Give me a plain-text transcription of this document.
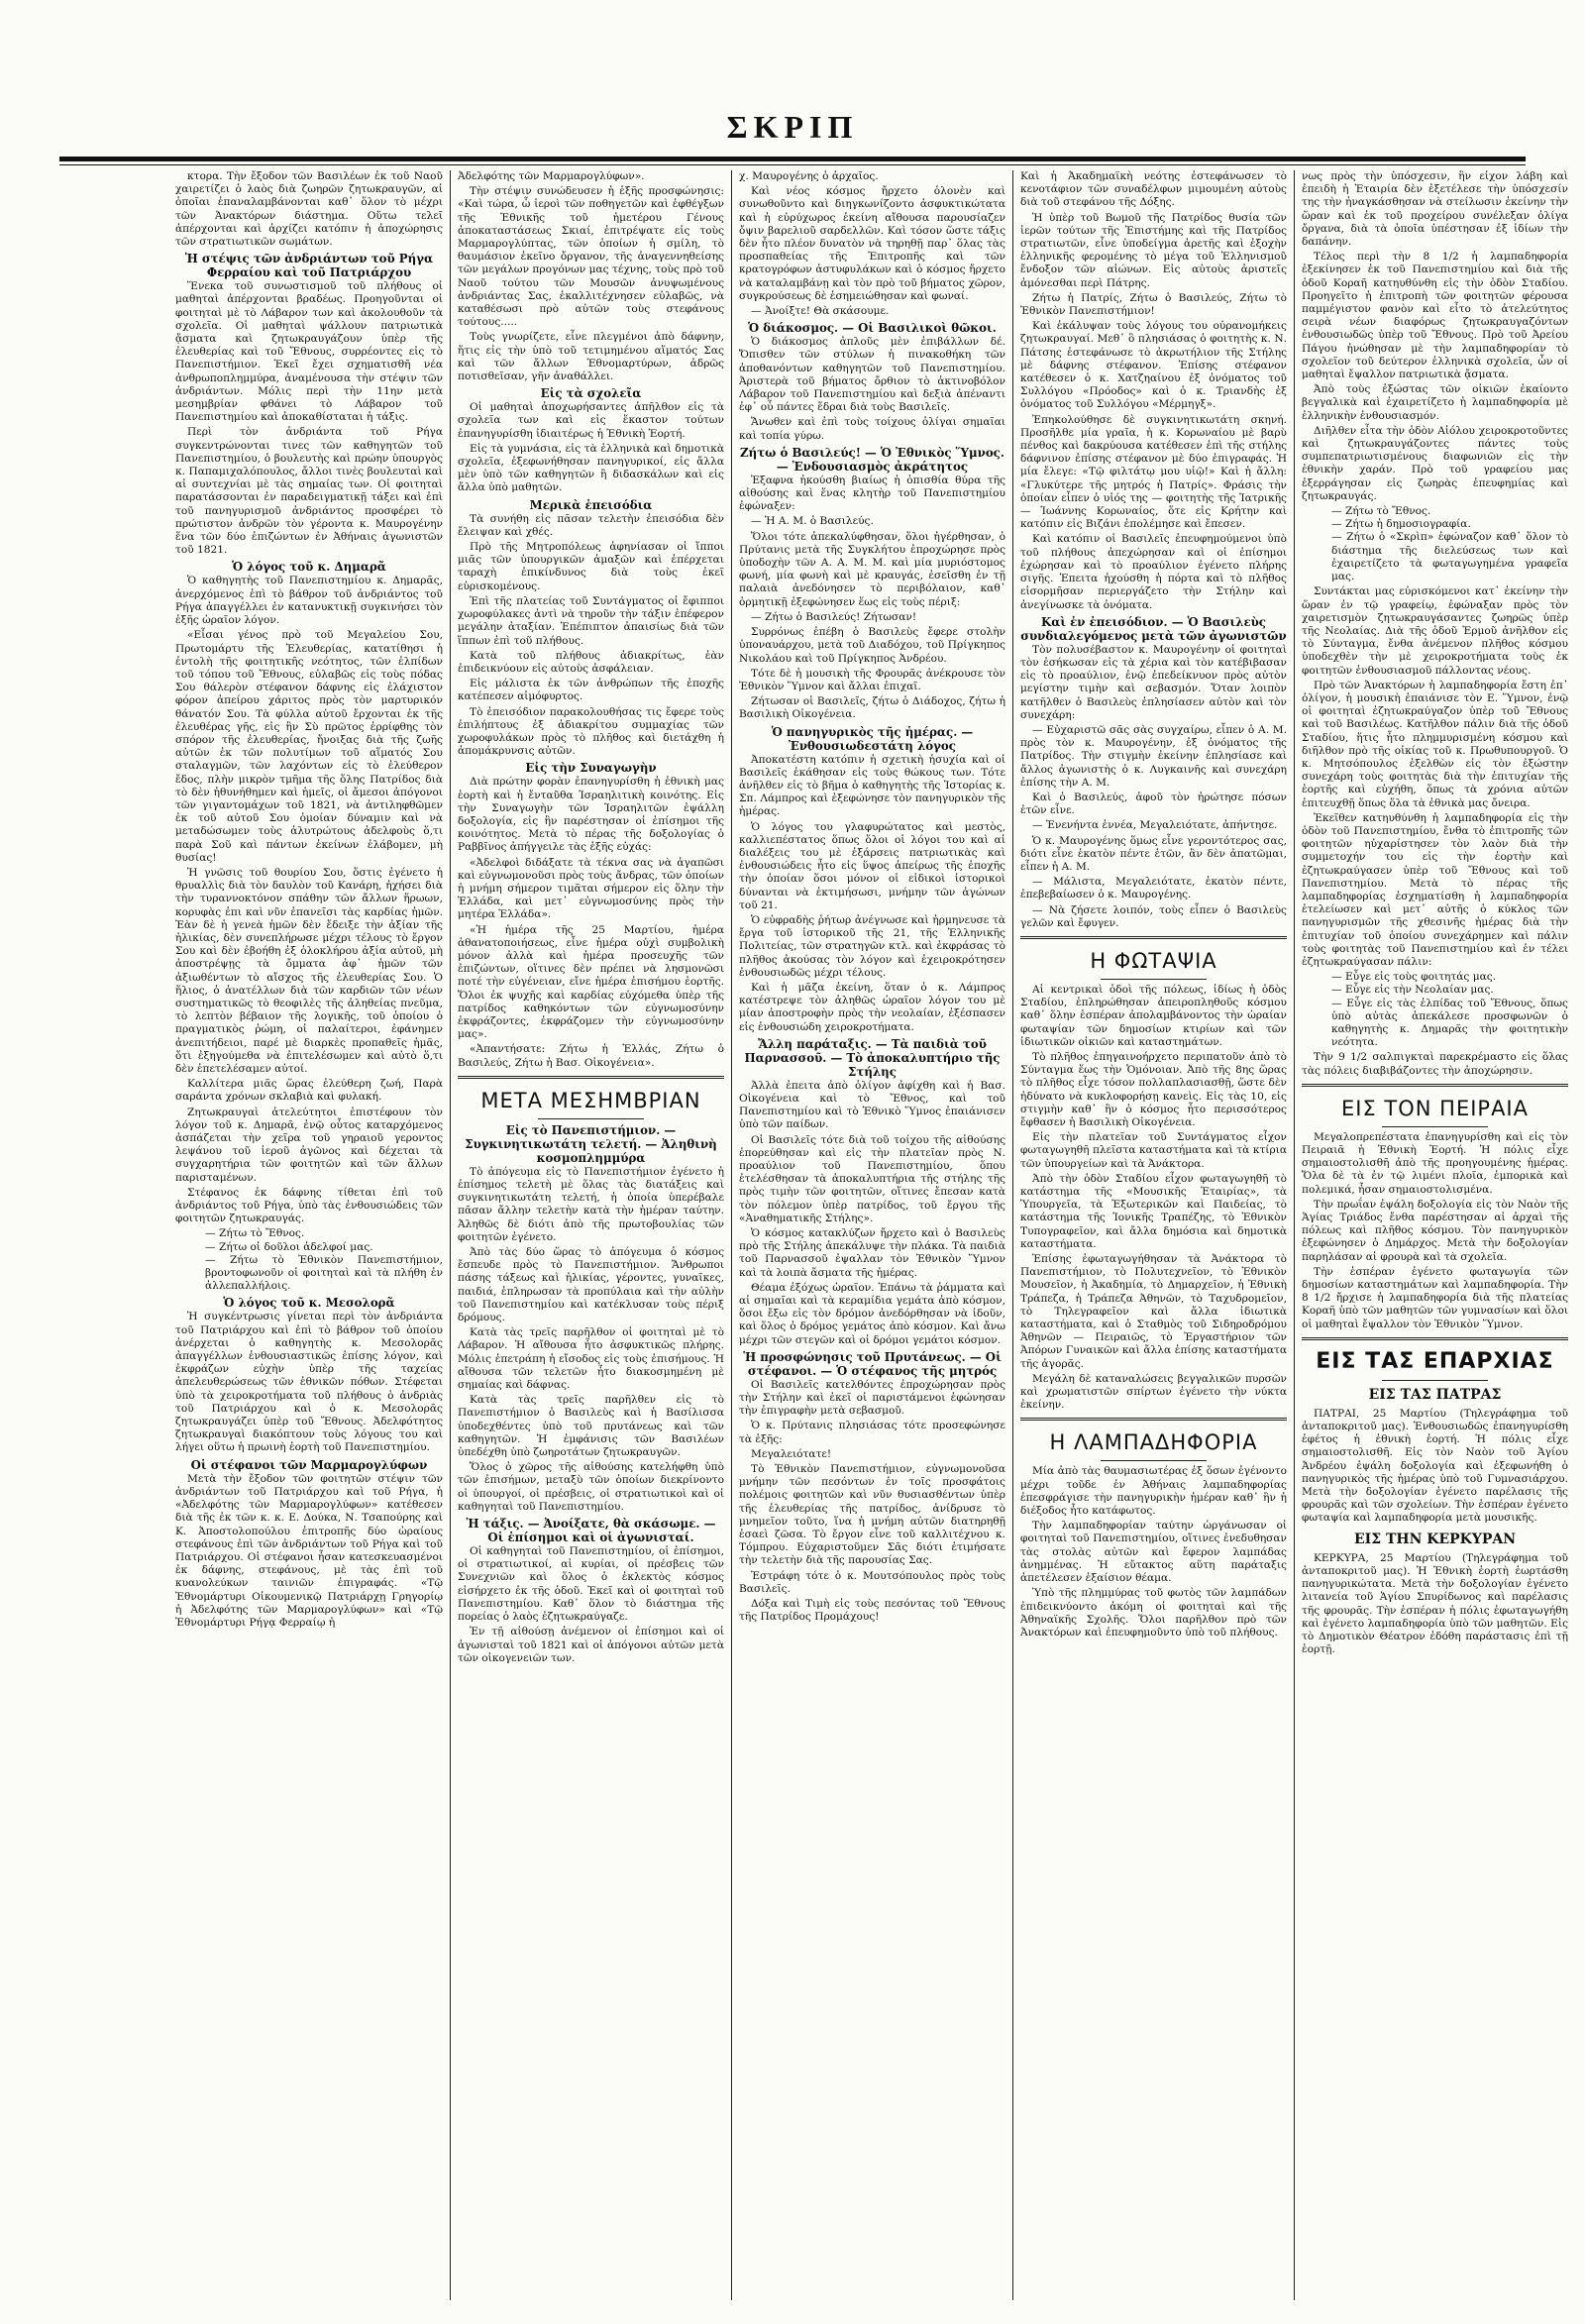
ΣΚΡΙΠ

κτορα. Τὴν ἔξοδον τῶν Βασιλέων ἐκ τοῦ Ναοῦ χαιρετίζει ὁ λαὸς διὰ ζωηρῶν ζητωκραυγῶν, αἱ ὁποῖαι ἐπαναλαμβάνονται καθ᾽ ὅλον τὸ μέχρι τῶν Ἀνακτόρων διάστημα. Οὕτω τελεῖ ἀπέρχονται καὶ ἀρχίζει κατόπιν ἡ ἀποχώρησις τῶν στρατιωτικῶν σωμάτων.

Ἡ στέψις τῶν ἀνδριάντων τοῦ Ρήγα Φερραίου καὶ τοῦ Πατριάρχου

Ἕνεκα τοῦ συνωστισμοῦ τοῦ πλήθους οἱ μαθηταὶ ἀπέρχονται βραδέως. Προηγοῦνται οἱ φοιτηταὶ μὲ τὸ Λάβαρον των καὶ ἀκολουθοῦν τὰ σχολεῖα. Οἱ μαθηταὶ ψάλλουν πατριωτικὰ ᾄσματα καὶ ζητωκραυγάζουν ὑπὲρ τῆς ἐλευθερίας καὶ τοῦ Ἔθνους, συρρέοντες εἰς τὸ Πανεπιστήμιον. Ἐκεῖ ἔχει σχηματισθῆ νέα ἀνθρωποπλημμύρα, ἀναμένουσα τὴν στέψιν τῶν ἀνδριάντων. Μόλις περὶ τὴν 11ην μετὰ μεσημβρίαν φθάνει τὸ Λάβαρον τοῦ Πανεπιστημίου καὶ ἀποκαθίσταται ἡ τάξις.

Περὶ τὸν ἀνδριάντα τοῦ Ρήγα συγκεντρώνονται τινες τῶν καθηγητῶν τοῦ Πανεπιστημίου, ὁ βουλευτὴς καὶ πρώην ὑπουργὸς κ. Παπαμιχαλόπουλος, ἄλλοι τινὲς βουλευταὶ καὶ αἱ συντεχνίαι μὲ τὰς σημαίας των. Οἱ φοιτηταὶ παρατάσσονται ἐν παραδειγματικῇ τάξει καὶ ἐπὶ τοῦ πανηγυρισμοῦ ἀνδριάντος προσφέρει τὸ πρώτιστον ἀνδρῶν τὸν γέροντα κ. Μαυρογένην ἕνα τῶν δύο ἐπιζώντων ἐν Ἀθήναις ἀγωνιστῶν τοῦ 1821.

Ὁ λόγος τοῦ κ. Δημαρᾶ

Ὁ καθηγητὴς τοῦ Πανεπιστημίου κ. Δημαρᾶς, ἀνερχόμενος ἐπὶ τὸ βάθρον τοῦ ἀνδριάντος τοῦ Ρήγα ἀπαγγέλλει ἐν κατανυκτικῇ συγκινήσει τὸν ἑξῆς ὡραῖον λόγον.

«Εἶσαι γένος πρὸ τοῦ Μεγαλείου Σου, Πρωτομάρτυ τῆς Ἐλευθερίας, κατατίθησι ἡ ἐντολὴ τῆς φοιτητικῆς νεότητος, τῶν ἐλπίδων τοῦ τόπου τοῦ Ἔθνους, εὐλαβῶς εἰς τοὺς πόδας Σου θάλερὸν στέφανον δάφνης εἰς ἐλάχιστον φόρον ἀπείρου χάριτος πρὸς τὸν μαρτυρικόν θάνατόν Σου. Τὰ φύλλα αὐτοῦ ἔρχονται ἐκ τῆς ἐλευθέρας γῆς, εἰς ἣν Σὺ πρῶτος ἐρρίφθης τὸν σπόρον τῆς ἐλευθερίας, ἤνοιξας διὰ τῆς ζωῆς αὐτῶν ἐκ τῶν πολυτίμων τοῦ αἵματός Σου σταλαγμῶν, τῶν λαχόντων εἰς τὸ ἐλεύθερον ἔδος, πλὴν μικρὸν τμῆμα τῆς ὅλης Πατρίδος διὰ τὸ δὲν ἠθυνήθημεν καὶ ἡμεῖς, οἱ ἄμεσοι ἀπόγονοι τῶν γιγαντομάχων τοῦ 1821, νὰ ἀντιληφθῶμεν ἐκ τοῦ αὐτοῦ Σου ὁμοίαν δύναμιν καὶ νὰ μεταδώσωμεν τοὺς ἀλυτρώτους ἀδελφοὺς ὅ,τι παρὰ Σοῦ καὶ πάντων ἐκείνων ἐλάβομεν, μὴ θυσίας!

Ἡ γνῶσις τοῦ θουρίου Σου, ὅστις ἐγένετο ἡ θρυαλλὶς διὰ τὸν δαυλὸν τοῦ Κανάρη, ἠχήσει διὰ τὴν τυραννοκτόνον σπάθην τῶν ἄλλων ἥρωων, κορυφὰς ἐπι καὶ νῦν ἐπανεῖσι τὰς καρδίας ἡμῶν. Ἐὰν δὲ ἡ γενεὰ ἡμῶν δὲν ἔδειξε τὴν ἀξίαν τῆς ἡλικίας, δὲν συνεπλήρωσε μέχρι τέλους τὸ ἔργον Σου καὶ δὲν ἐβοήθη ἐξ ὁλοκλήρου ἀξία αὐτοῦ, μὴ ἀποστρέψῃς τὰ ὄμματα ἀφ᾽ ἡμῶν τῶν ἀξιωθέντων τὸ αἴσχος τῆς ἐλευθερίας Σου. Ὁ ἥλιος, ὁ ἀνατέλλων διὰ τῶν καρδιῶν τῶν νέων συστηματικῶς τὸ θεοφιλὲς τῆς ἀληθείας πνεῦμα, τὸ λεπτὸν βέβαιον τῆς λογικῆς, τοῦ ὁποίου ὁ πραγματικὸς ῥώμη, οἱ παλαίτεροι, ἐφάνημεν ἀνεπιτήδειοι, παρέ μὲ διαρκὲς προπαθεῖς ἡμᾶς, ὅτι ἐξηγούμεθα νὰ ἐπιτελέσωμεν καὶ αὐτὸ ὅ,τι δὲν ἐπετελέσαμεν αὐτοί.

Καλλίτερα μιᾶς ὥρας ἐλεύθερη ζωή, Παρὰ σαράντα χρόνων σκλαβιὰ καὶ φυλακή.

Ζητωκραυγαὶ ἀτελεύτητοι ἐπιστέφουν τὸν λόγον τοῦ κ. Δημαρᾶ, ἐνῷ οὗτος καταρχόμενος ἀσπάζεται τὴν χεῖρα τοῦ γηραιοῦ γεροντος λεψάνου τοῦ ἱεροῦ ἀγῶνος καὶ δέχεται τὰ συγχαρητήρια τῶν φοιτητῶν καὶ τῶν ἄλλων παρισταμένων.

Στέφανος ἐκ δάφνης τίθεται ἐπὶ τοῦ ἀνδριάντος τοῦ Ρήγα, ὑπὸ τὰς ἐνθουσιώδεις τῶν φοιτητῶν ζητωκραυγάς.

— Ζήτω τὸ Ἔθνος.
— Ζήτω οἱ δοῦλοι ἀδελφοί μας.
— Ζήτω τὸ Ἐθνικὸν Πανεπιστήμιον, βροντοφωνοῦν οἱ φοιτηταὶ καὶ τὰ πλήθη ἐν ἀλλεπαλλήλοις.
Ὁ λόγος τοῦ κ. Μεσολορᾶ

Ἡ συγκέντρωσις γίνεται περὶ τὸν ἀνδριάντα τοῦ Πατριάρχου καὶ ἐπὶ τὸ βάθρον τοῦ ὁποίου ἀνέρχεται ὁ καθηγητὴς κ. Μεσολορᾶς ἀπαγγέλλων ἐνθουσιαστικῶς ἐπίσης λόγον, καὶ ἐκφράζων εὐχὴν ὑπὲρ τῆς ταχείας ἀπελευθερώσεως τῶν ἐθνικῶν πόθων. Στέφεται ὑπὸ τὰ χειροκροτήματα τοῦ πλήθους ὁ ἀνδριὰς τοῦ Πατριάρχου καὶ ὁ κ. Μεσολορᾶς ζητωκραυγάζει ὑπὲρ τοῦ Ἔθνους. Ἀδελφότητος ζητωκραυγαὶ διακόπτουν τοὺς λόγους του καὶ λήγει οὕτω ἡ πρωινὴ ἑορτὴ τοῦ Πανεπιστημίου.

Οἱ στέφανοι τῶν Μαρμαρογλύφων

Μετὰ τὴν ἔξοδον τῶν φοιτητῶν στέψιν τῶν ἀνδριάντων τοῦ Πατριάρχου καὶ τοῦ Ρήγα, ἡ «Ἀδελφότης τῶν Μαρμαρογλύφων» κατέθεσεν διὰ τῆς ἐκ τῶν κ. κ. Ε. Δούκα, Ν. Τσαπούρης καὶ Κ. Ἀποστολοπούλου ἐπιτροπῆς δύο ὡραίους στεφάνους ἐπὶ τῶν ἀνδριάντων τοῦ Ρήγα καὶ τοῦ Πατριάρχου. Οἱ στέφανοι ἦσαν κατεσκευασμένοι ἐκ δάφνης, στεφάνους, μὲ τὰς ἐπὶ τοῦ κυανολεύκων ταινιῶν ἐπιγραφάς. «Τῷ Ἐθνομάρτυρι Οἰκουμενικῷ Πατριάρχῃ Γρηγορίῳ ἡ Ἀδελφότης τῶν Μαρμαρογλύφων» καὶ «Τῷ Ἐθνομάρτυρι Ρήγᾳ Φερραίῳ ἡ

Ἀδελφότης τῶν Μαρμαρογλύφων».

Τὴν στέψιν συνώδευσεν ἡ ἑξῆς προσφώνησις: «Καὶ τώρα, ὦ ἱεροὶ τῶν ποθηγετῶν καὶ ἐφθέγξων τῆς Ἐθνικῆς τοῦ ἡμετέρου Γένους ἀποκαταστάσεως Σκιαί, ἐπιτρέψατε εἰς τοὺς Μαρμαρογλύπτας, τῶν ὁποίων ἡ σμίλη, τὸ θαυμάσιον ἐκεῖνο ὄργανον, τῆς ἀναγεννηθείσης τῶν μεγάλων προγόνων μας τέχνης, τοὺς πρὸ τοῦ Ναοῦ τούτου τῶν Μουσῶν ἀνυψωμένους ἀνδριάντας Σας, ἐκαλλιτέχνησεν εὐλαβῶς, νὰ καταθέσωσι πρὸ αὐτῶν τοὺς στεφάνους τούτους.....

Τοὺς γνωρίζετε, εἶνε πλεγμένοι ἀπὸ δάφνην, ἥτις εἰς τὴν ὑπὸ τοῦ τετιμημένου αἵματός Σας καὶ τῶν ἄλλων Ἐθνομαρτύρων, ἀδρῶς ποτισθεῖσαν, γῆν ἀναθάλλει.

Εἰς τὰ σχολεῖα

Οἱ μαθηταὶ ἀποχωρήσαντες ἀπῆλθον εἰς τὰ σχολεῖα των καὶ εἰς ἕκαστον τούτων ἐπανηγυρίσθη ἰδιαιτέρως ἡ Ἐθνικὴ Ἑορτή.

Εἰς τὰ γυμνάσια, εἰς τὰ ἑλληνικὰ καὶ δημοτικὰ σχολεῖα, ἐξεφωνήθησαν πανηγυρικοί, εἰς ἄλλα μὲν ὑπὸ τῶν καθηγητῶν ἢ διδασκάλων καὶ εἰς ἄλλα ὑπὸ μαθητῶν.

Μερικὰ ἐπεισόδια

Τὰ συνήθη εἰς πᾶσαν τελετὴν ἐπεισόδια δὲν ἔλειψαν καὶ χθές.

Πρὸ τῆς Μητροπόλεως ἀφηνίασαν οἱ ἵπποι μιᾶς τῶν ὑπουργικῶν ἁμαξῶν καὶ ἐπέρχεται ταραχὴ ἐπικίνδυνος διὰ τοὺς ἐκεῖ εὑρισκομένους.

Ἐπὶ τῆς πλατείας τοῦ Συντάγματος οἱ ἔφιπποι χωροφύλακες ἀντὶ νὰ τηροῦν τὴν τάξιν ἐπέφερον μεγάλην ἀταξίαν. Ἐπέπιπτον ἀπαισίως διὰ τῶν ἵππων ἐπὶ τοῦ πλήθους.

Κατὰ τοῦ πλήθους ἀδιακρίτως, ἐὰν ἐπιδεικνύουν εἰς αὐτοὺς ἀσφάλειαν.

Εἰς μάλιστα ἐκ τῶν ἀνθρώπων τῆς ἐποχῆς κατέπεσεν αἱμόφυρτος.

Τὸ ἐπεισόδιον παρακολουθήσας τις ἔφερε τοὺς ἐπιλήπτους ἐξ ἀδιακρίτου συμμαχίας τῶν χωροφυλάκων πρὸς τὸ πλῆθος καὶ διετάχθη ἡ ἀπομάκρυνσις αὐτῶν.

Εἰς τὴν Συναγωγὴν

Διὰ πρώτην φορὰν ἐπανηγυρίσθη ἡ ἐθνικὴ μας ἑορτὴ καὶ ἡ ἔνταῦθα Ἰσραηλιτικὴ κοινότης. Εἰς τὴν Συναγωγὴν τῶν Ἰσραηλιτῶν ἐψάλλη δοξολογία, εἰς ἣν παρέστησαν οἱ ἐπίσημοι τῆς κοινότητος. Μετὰ τὸ πέρας τῆς δοξολογίας ὁ Ραββῖνος ἀπήγγειλε τὰς ἑξῆς εὐχάς:

«Ἀδελφοὶ διδάξατε τὰ τέκνα σας νὰ ἀγαπῶσι καὶ εὐγνωμονοῦσι πρὸς τοὺς ἄνδρας, τῶν ὁποίων ἡ μνήμη σήμερον τιμᾶται σήμερον εἰς ὅλην τὴν Ἑλλάδα, καὶ μετ᾽ εὐγνωμοσύνης πρὸς τὴν μητέρα Ἑλλάδα».

«Ἡ ἡμέρα τῆς 25 Μαρτίου, ἡμέρα ἀθανατοποιήσεως, εἶνε ἡμέρα οὐχὶ συμβολικὴ μόνον ἀλλὰ καὶ ἡμέρα προσευχῆς τῶν ἐπιζώντων, οἵτινες δὲν πρέπει νὰ λησμονῶσι ποτέ τὴν εὐγένειαν, εἴνε ἡμέρα ἐπισήμου ἑορτῆς. Ὅλοι ἐκ ψυχῆς καὶ καρδίας εὐχόμεθα ὑπὲρ τῆς πατρίδος καθηκόντων τῶν εὐγνωμοσύνην ἐκφράζοντες, ἐκφράζομεν τὴν εὐγνωμοσύνην μας».

«Ἀπαντήσατε: Ζήτω ἡ Ἑλλάς, Ζήτω ὁ Βασιλεύς, Ζήτω ἡ Βασ. Οἰκογένεια».

ΜΕΤΑ ΜΕΣΗΜΒΡΙΑΝ
Εἰς τὸ Πανεπιστήμιον. — Συγκινητικωτάτη τελετή. — Ἀληθινὴ κοσμοπλημμύρα

Τὸ ἀπόγευμα εἰς τὸ Πανεπιστήμιον ἐγένετο ἡ ἐπίσημος τελετὴ μὲ ὅλας τὰς διατάξεις καὶ συγκινητικωτάτη τελετή, ἡ ὁποία ὑπερέβαλε πᾶσαν ἄλλην τελετὴν κατὰ τὴν ἡμέραν ταύτην. Ἀληθῶς δὲ διότι ἀπὸ τῆς πρωτοβουλίας τῶν φοιτητῶν ἐγένετο.

Ἀπὸ τὰς δύο ὥρας τὸ ἀπόγευμα ὁ κόσμος ἔσπευδε πρὸς τὸ Πανεπιστήμιον. Ἄνθρωποι πάσης τάξεως καὶ ἡλικίας, γέροντες, γυναῖκες, παιδιά, ἐπληρωσαν τὰ προπύλαια καὶ τὴν αὐλὴν τοῦ Πανεπιστημίου καὶ κατέκλυσαν τοὺς πέριξ δρόμους.

Κατὰ τὰς τρεῖς παρῆλθον οἱ φοιτηταὶ μὲ τὸ Λάβαρον. Ἡ αἴθουσα ἦτο ἀσφυκτικῶς πλήρης. Μόλις ἐπετράπη ἡ εἴσοδος εἰς τοὺς ἐπισήμους. Ἡ αἴθουσα τῶν τελετῶν ἦτο διακοσμημένη μὲ σημαίας καὶ δάφνας.

Κατὰ τὰς τρεῖς παρῆλθεν εἰς τὸ Πανεπιστήμιον ὁ Βασιλεὺς καὶ ἡ Βασίλισσα ὑποδεχθέντες ὑπὸ τοῦ πρυτάνεως καὶ τῶν καθηγητῶν. Ἡ ἐμφάνισις τῶν Βασιλέων ὑπεδέχθη ὑπὸ ζωηροτάτων ζητωκραυγῶν.

Ὅλος ὁ χῶρος τῆς αἰθούσης κατελήφθη ὑπὸ τῶν ἐπισήμων, μεταξὺ τῶν ὁποίων διεκρίνοντο οἱ ὑπουργοί, οἱ πρέσβεις, οἱ στρατιωτικοὶ καὶ οἱ καθηγηταὶ τοῦ Πανεπιστημίου.

Ἡ τάξις. — Ἀνοίξατε, θὰ σκάσωμε. — Οἱ ἐπίσημοι καὶ οἱ ἀγωνισταί.

Οἱ καθηγηταὶ τοῦ Πανεπιστημίου, οἱ ἐπίσημοι, οἱ στρατιωτικοί, αἱ κυρίαι, οἱ πρέσβεις τῶν Συνεχνιῶν καὶ ὅλος ὁ ἐκλεκτὸς κόσμος εἰσήρχετο ἐκ τῆς ὁδοῦ. Ἐκεῖ καὶ οἱ φοιτηταὶ τοῦ Πανεπιστημίου. Καθ᾽ ὅλον τὸ διάστημα τῆς πορείας ὁ λαὸς ἐζητωκραύγαζε.

Ἐν τῇ αἰθούσῃ ἀνέμενον οἱ ἐπίσημοι καὶ οἱ ἀγωνισταὶ τοῦ 1821 καὶ οἱ ἀπόγονοι αὐτῶν μετὰ τῶν οἰκογενειῶν των.

χ. Μαυρογένης ὁ ἀρχαῖος.

Καὶ νέος κόσμος ἤρχετο ὁλονὲν καὶ συνωθοῦντο καὶ διηγκωνίζοντο ἀσφυκτικώτατα καὶ ἡ εὐρύχωρος ἐκείνη αἴθουσα παρουσίαζεν ὄψιν βαρελιοῦ σαρδελλῶν. Καὶ τόσον ὥστε τάξις δὲν ἦτο πλέον δυνατὸν νὰ τηρηθῇ παρ᾽ ὅλας τὰς προσπαθείας τῆς Ἐπιτροπῆς καὶ τῶν κρατογρόφων ἀστυφυλάκων καὶ ὁ κόσμος ἤρχετο νὰ καταλαμβάνῃ καὶ τὸν πρὸ τοῦ βήματος χῶρον, συγκρούσεως δὲ ἐσημειώθησαν καὶ φωναί.

— Ἀνοίξτε! Θὰ σκάσουμε.

Ὁ διάκοσμος. — Οἱ Βασιλικοὶ θῶκοι.

Ὁ διάκοσμος ἁπλοῦς μὲν ἐπιβάλλων δέ. Ὄπισθεν τῶν στύλων ἡ πινακοθήκη τῶν ἀποθανόντων καθηγητῶν τοῦ Πανεπιστημίου. Ἀριστερὰ τοῦ βήματος ὄρθιον τὸ ἀκτινοβόλον Λάβαρον τοῦ Πανεπιστημίου καὶ δεξιὰ ἀπέναντι ἐφ᾽ οὗ πάντες ἕδραι διὰ τοὺς Βασιλεῖς.

Ἄνωθεν καὶ ἐπὶ τοὺς τοίχους ὀλίγαι σημαῖαι καὶ τοπία γύρω.

Ζήτω ὁ Βασιλεύς! — Ὁ Ἐθνικὸς Ὕμνος. — Ἐνδουσιασμὸς ἀκράτητος

Ἐξαφνα ἠκούσθη βιαίως ἡ ὁπισθία θύρα τῆς αἰθούσης καὶ ἕνας κλητὴρ τοῦ Πανεπιστημίου ἐφώναξεν:

— Ἡ Α. Μ. ὁ Βασιλεύς.

Ὅλοι τότε ἀπεκαλύφθησαν, ὅλοι ἠγέρθησαν, ὁ Πρύτανις μετὰ τῆς Συγκλήτου ἐπροχώρησε πρὸς ὑποδοχὴν τῶν Α. Α. Μ. Μ. καὶ μία μυριόστομος φωνή, μία φωνὴ καὶ μὲ κραυγάς, ἐσεῖσθη ἐν τῇ παλαιὰ ἀνεδόνησεν τὸ περιβόλαιον, καθ᾽ ὁρμητικῇ ἐξεφώνησεν ἕως εἰς τοὺς πέριξ:

— Ζήτω ὁ Βασιλεύς! Ζήτωσαν!

Συρρόνως ἐπέβη ὁ Βασιλεὺς ἔφερε στολὴν ὑποναυάρχου, μετὰ τοῦ Διαδόχου, τοῦ Πρίγκηπος Νικολάου καὶ τοῦ Πρίγκηπος Ἀνδρέου.

Τότε δὲ ἡ μουσικὴ τῆς Φρουρᾶς ἀνέκρουσε τὸν Ἐθνικὸν Ὕμνον καὶ ἄλλαι ἐπιχαῖ.

Ζήτωσαν οἱ Βασιλεῖς, ζήτω ὁ Διάδοχος, ζήτω ἡ Βασιλικὴ Οἰκογένεια.

Ὁ πανηγυρικὸς τῆς ἡμέρας. — Ἐνθουσιωδεστάτη λόγος

Ἀποκατέστη κατόπιν ἡ σχετικὴ ἡσυχία καὶ οἱ Βασιλεῖς ἐκάθησαν εἰς τοὺς θώκους των. Τότε ἀνῆλθεν εἰς τὸ βῆμα ὁ καθηγητὴς τῆς Ἱστορίας κ. Σπ. Λάμπρος καὶ ἐξεφώνησε τὸν πανηγυρικὸν τῆς ἡμέρας.

Ὁ λόγος του γλαφυρώτατος καὶ μεστὸς, καλλιεπέστατος ὅπως ὅλοι οἱ λόγοι του καὶ αἱ διαλέξεις του μὲ ἐξάρσεις πατριωτικὰς καὶ ἐνθουσιώδεις ἦτο εἰς ὕψος ἀπείρως τῆς ἐποχῆς τὴν ὁποίαν ὅσοι μόνον οἱ εἰδικοὶ ἱστορικοὶ δύνανται νὰ ἐκτιμήσωσι, μνήμην τῶν ἀγώνων τοῦ 21.

Ὁ εὐφραδὴς ῥήτωρ ἀνέγνωσε καὶ ἡρμηνευσε τὰ ἔργα τοῦ ἱστορικοῦ τῆς 21, τῆς Ἑλληνικῆς Πολιτείας, τῶν στρατηγῶν κτλ. καὶ ἐκφράσας τὸ πλῆθος ἀκούσας τὸν λόγον καὶ ἐχειροκρότησεν ἐνθουσιωδῶς μέχρι τέλους.

Καὶ ἡ μᾶζα ἐκείνη, ὅταν ὁ κ. Λάμπρος κατέστρεψε τὸν ἀληθῶς ὡραῖον λόγον του μὲ μίαν ἀποστροφὴν πρὸς τὴν νεολαίαν, ἐξέσπασεν εἰς ἐνθουσιώδη χειροκροτήματα.

Ἄλλη παράταξις. — Τὰ παιδιὰ τοῦ Παρνασσοῦ. — Τὸ ἀποκαλυπτήριο τῆς Στήλης

Ἀλλὰ ἐπειτα ἀπὸ ὀλίγον ἀφίχθη καὶ ἡ Βασ. Οἰκογένεια καὶ τὸ Ἔθνος, καὶ τοῦ Πανεπιστημίου καὶ τὸ Ἐθνικὸ Ὕμνος ἐπαιάνισεν ὑπὸ τῶν παίδων.

Οἱ Βασιλεῖς τότε διὰ τοῦ τοίχου τῆς αἰθούσης ἐπορεύθησαν καὶ εἰς τὴν πλατεῖαν πρὸς Ν. προαύλιον τοῦ Πανεπιστημίου, ὅπου ἐτελέσθησαν τὰ ἀποκαλυπτήρια τῆς στήλης τῆς πρὸς τιμὴν τῶν φοιτητῶν, οἵτινες ἔπεσαν κατὰ τὸν πόλεμον ὑπὲρ πατρίδος, τοῦ ἔργου τῆς «Ἀναθηματικῆς Στήλης».

Ὁ κόσμος κατακλύζων ἤρχετο καὶ ὁ Βασιλεὺς πρὸ τῆς Στήλης ἀπεκάλυψε τὴν πλάκα. Τὰ παιδιὰ τοῦ Παρνασσοῦ ἐψαλλαν τὸν Ἐθνικὸν Ὕμνον καὶ τὰ λοιπὰ ἄσματα τῆς ἡμέρας.

Θέαμα ἐξόχως ὡραῖον. Ἐπάνω τὰ ῥάμματα καὶ αἱ σημαῖαι καὶ τὰ κεραμίδια γεμάτα ἀπὸ κόσμον, ὅσοι ἔξω εἰς τὸν δρόμον ἀνεδόρθησαν νὰ ἰδοῦν, καὶ ὅλος ὁ δρόμος γεμάτος ἀπὸ κόσμον. Καὶ ἄνω μέχρι τῶν στεγῶν καὶ οἱ δρόμοι γεμάτοι κόσμον.

Ἡ προσφώνησις τοῦ Πρυτάνεως. — Οἱ στέφανοι. — Ὁ στέφανος τῆς μητρός

Οἱ Βασιλεῖς κατελθόντες ἐπροχώρησαν πρὸς τὴν Στήλην καὶ ἐκεῖ οἱ παριστάμενοι ἐφώνησαν τὴν ἐπιγραφὴν μετὰ σεβασμοῦ.

Ὁ κ. Πρύτανις πλησιάσας τότε προσεφώνησε τὰ ἑξῆς:

Μεγαλειότατε!

Τὸ Ἐθνικὸν Πανεπιστήμιον, εὐγνωμονοῦσα μνήμην τῶν πεσόντων ἐν τοῖς προσφάτοις πολέμοις φοιτητῶν καὶ νῦν θυσιασθέντων ὑπὲρ τῆς ἐλευθερίας τῆς πατρίδος, ἀνίδρυσε τὸ μνημεῖον τοῦτο, ἵνα ἡ μνήμη αὐτῶν διατηρηθῇ ἐσαεὶ ζῶσα. Τὸ ἔργον εἶνε τοῦ καλλιτέχνου κ. Τόμπρου. Εὐχαριστοῦμεν Σᾶς διότι ἐτιμήσατε τὴν τελετὴν διὰ τῆς παρουσίας Σας.

Ἐστράφη τότε ὁ κ. Μουτσόπουλος πρὸς τοὺς Βασιλεῖς.

Δόξα καὶ Τιμὴ εἰς τοὺς πεσόντας τοῦ Ἔθνους τῆς Πατρίδος Προμάχους!

Καὶ ἡ Ἀκαδημαϊκὴ νεότης ἐστεφάνωσεν τὸ κενοτάφιον τῶν συναδέλφων μιμουμένη αὐτοὺς διὰ τοῦ στεφάνου τῆς Δόξης.

Ἡ ὑπὲρ τοῦ Βωμοῦ τῆς Πατρίδος θυσία τῶν ἱερῶν τούτων τῆς Ἐπιστήμης καὶ τῆς Πατρίδος στρατιωτῶν, εἶνε ὑποδείγμα ἀρετῆς καὶ ἐξοχὴν ἑλληνικῆς φερομένης τὸ μέγα τοῦ Ἑλληνισμοῦ ἔνδοξον τῶν αἰώνων. Εἰς αὐτοὺς ἀριστεῖς ἀμόνεσθαι περὶ Πάτρης.

Ζήτω ἡ Πατρίς, Ζήτω ὁ Βασιλεύς, Ζήτω τὸ Ἐθνικὸν Πανεπιστήμιον!

Καὶ ἐκάλυψαν τοὺς λόγους του οὐρανομήκεις ζητωκραυγαί. Μεθ᾽ ὃ πλησιάσας ὁ φοιτητὴς κ. Ν. Πάτσης ἐστεφάνωσε τὸ ἀκρωτήλιον τῆς Στήλης μὲ δάφνης στέφανον. Ἐπίσης στέφανον κατέθεσεν ὁ κ. Χατζηαίνου ἐξ ὀνόματος τοῦ Συλλόγου «Πρόοδος» καὶ ὁ κ. Τριανδὴς ἐξ ὀνόματος τοῦ Συλλόγου «Μέρμηγξ».

Ἐπηκολούθησε δὲ συγκινητικωτάτη σκηνή. Προσῆλθε μία γραῖα, ἡ κ. Κορωναίου μὲ βαρὺ πένθος καὶ δακρύουσα κατέθεσεν ἐπὶ τῆς στήλης δάφνινον ἐπίσης στέφανον μὲ δύο ἐπιγραφάς. Ἡ μία ἔλεγε: «Τῷ φιλτάτῳ μου υἱῷ!» Καὶ ἡ ἄλλη: «Γλυκύτερε τῆς μητρός ἡ Πατρίς». Φράσις τὴν ὁποίαν εἶπεν ὁ υἱός της — φοιτητὴς τῆς Ἰατρικῆς — Ἰωάννης Κορωναίος, ὅτε εἰς Κρήτην καὶ κατόπιν εἰς Βιζάνι ἐπολέμησε καὶ ἔπεσεν.

Καὶ κατόπιν οἱ Βασιλεῖς ἐπευφημούμενοι ὑπὸ τοῦ πλήθους ἀπεχώρησαν καὶ οἱ ἐπίσημοι ἐχώρησαν καὶ τὸ προαύλιον ἐγένετο πλήρης σιγῆς. Ἐπειτα ἠχούσθη ἡ πόρτα καὶ τὸ πλῆθος εἰσορμῆσαν περιεργάζετο τὴν Στήλην καὶ ἀνεγίνωσκε τὰ ὀνόματα.

Καὶ ἐν ἐπεισόδιον. — Ὁ Βασιλεὺς συνδιαλεγόμενος μετὰ τῶν ἀγωνιστῶν

Τὸν πολυσέβαστον κ. Μαυρογένην οἱ φοιτηταὶ τὸν ἐσήκωσαν εἰς τὰ χέρια καὶ τὸν κατέβιβασαν εἰς τὸ προαύλιον, ἐνῷ ἐπεδείκνυον πρὸς αὐτὸν μεγίστην τιμὴν καὶ σεβασμόν. Ὅταν λοιπὸν κατῆλθεν ὁ Βασιλεὺς ἐπλησίασεν αὐτὸν καὶ τὸν συνεχάρη:

— Εὐχαριστῶ σᾶς σὰς συγχαίρω, εἶπεν ὁ Α. Μ. πρὸς τὸν κ. Μαυρογένην, ἐξ ὀνόματος τῆς Πατρίδος. Τὴν στιγμὴν ἐκείνην ἐπλησίασε καὶ ἄλλος ἀγωνιστὴς ὁ κ. Λυγκαινῆς καὶ συνεχάρη ἐπίσης τὴν Α. Μ.

Καὶ ὁ Βασιλεύς, ἀφοῦ τὸν ἠρώτησε πόσων ἐτῶν εἶνε.

— Ἐνενήντα ἐννέα, Μεγαλειότατε, ἀπήντησε.

Ὁ κ. Μαυρογένης ὅμως εἶνε γεροντότερος σας, διότι εἶνε ἑκατὸν πέντε ἐτῶν, ἂν δὲν ἀπατῶμαι, εἶπεν ἡ Α. Μ.

— Μάλιστα, Μεγαλειότατε, ἑκατὸν πέντε, ἐπεβεβαίωσεν ὁ κ. Μαυρογένης.

— Νὰ ζήσετε λοιπόν, τοὺς εἶπεν ὁ Βασιλεὺς γελῶν καὶ ἔφυγεν.

Η ΦΩΤΑΨΙΑ

Αἱ κεντρικαὶ ὁδοὶ τῆς πόλεως, ἰδίως ἡ ὁδὸς Σταδίου, ἐπληρώθησαν ἀπειροπληθοῦς κόσμου καθ᾽ ὅλην ἑσπέραν ἀπολαμβάνοντος τὴν ὡραίαν φωταψίαν τῶν δημοσίων κτιρίων καὶ τῶν ἰδιωτικῶν οἰκιῶν καὶ καταστημάτων.

Τὸ πλῆθος ἐπηγαινοήρχετο περιπατοῦν ἀπὸ τὸ Σύνταγμα ἕως τὴν Ὁμόνοιαν. Ἀπὸ τῆς 8ης ὥρας τὸ πλῆθος εἶχε τόσον πολλαπλασιασθῇ, ὥστε δὲν ἠδύνατο νὰ κυκλοφορήσῃ κανεὶς. Εἰς τὰς 10, εἰς στιγμὴν καθ᾽ ἣν ὁ κόσμος ἦτο περισσότερος ἔφθασεν ἡ Βασιλικὴ Οἰκογένεια.

Εἰς τὴν πλατεῖαν τοῦ Συντάγματος εἶχον φωταγωγηθῆ πλεῖστα καταστήματα καὶ τὰ κτίρια τῶν ὑπουργείων καὶ τὰ Ἀνάκτορα.

Ἀπὸ τὴν ὁδὸν Σταδίου εἶχον φωταγωγηθῆ τὸ κατάστημα τῆς «Μουσικῆς Ἑταιρίας», τὰ Ὑπουργεῖα, τὰ Ἐξωτερικῶν καὶ Παιδείας, τὸ κατάστημα τῆς Ἰονικῆς Τραπέζης, τὸ Ἐθνικὸν Τυπογραφεῖον, καὶ ἄλλα δημόσια καὶ δημοτικὰ καταστήματα.

Ἐπίσης ἐφωταγωγήθησαν τὰ Ἀνάκτορα τὸ Πανεπιστήμιον, τὸ Πολυτεχνεῖον, τὸ Ἐθνικὸν Μουσεῖον, ἡ Ἀκαδημία, τὸ Δημαρχεῖον, ἡ Ἐθνικὴ Τράπεζα, ἡ Τράπεζα Ἀθηνῶν, τὸ Ταχυδρομεῖον, τὸ Τηλεγραφεῖον καὶ ἄλλα ἰδιωτικὰ καταστήματα, καὶ ὁ Σταθμὸς τοῦ Σιδηροδρόμου Ἀθηνῶν — Πειραιῶς, τὸ Ἐργαστήριον τῶν Ἀπόρων Γυναικῶν καὶ ἄλλα ἐπίσης καταστήματα τῆς ἀγορᾶς.

Μεγάλη δὲ καταναλώσεις βεγγαλικῶν πυρσῶν καὶ χρωματιστῶν σπίρτων ἐγένετο τὴν νύκτα ἐκείνην.

Η ΛΑΜΠΑΔΗΦΟΡΙΑ

Μία ἀπὸ τὰς θαυμασιωτέρας ἐξ ὅσων ἐγένοντο μέχρι τοῦδε ἐν Ἀθήναις λαμπαδηφορίας ἐπεσφράγισε τὴν πανηγυρικὴν ἡμέραν καθ᾽ ἣν ἡ διέξοδος ἦτο κατάφωτος.

Τὴν λαμπαδηφορίαν ταύτην ὠργάνωσαν οἱ φοιτηταὶ τοῦ Πανεπιστημίου, οἵτινες ἐνεδυθησαν τὰς στολὰς αὐτῶν καὶ ἔφερον λαμπάδας ἀνημμένας. Ἡ εὔτακτος αὕτη παράταξις ἀπετέλεσεν ἐξαίσιον θέαμα.

Ὑπὸ τῆς πλημμύρας τοῦ φωτὸς τῶν λαμπάδων ἐπιδεικνύοντο ἀκόμη οἱ φοιτηταὶ καὶ τῆς Ἀθηναϊκῆς Σχολῆς. Ὅλοι παρῆλθον πρὸ τῶν Ἀνακτόρων καὶ ἐπευφημοῦντο ὑπὸ τοῦ πλήθους.

νως πρὸς τὴν ὑπόσχεσιν, ἣν εἶχον λάβη καὶ ἐπειδὴ ἡ Ἑταιρία δὲν ἐξετέλεσε τὴν ὑπόσχεσίν της τὴν ἠναγκάσθησαν νὰ στείλωσιν ἐκείνην τὴν ὥραν καὶ ἐκ τοῦ προχείρου συνέλεξαν ὀλίγα ὄργανα, διὰ τὰ ὁποῖα ὑπέστησαν ἐξ ἰδίων τὴν δαπάνην.

Τέλος περὶ τὴν 8 1/2 ἡ λαμπαδηφορία ἐξεκίνησεν ἐκ τοῦ Πανεπιστημίου καὶ διὰ τῆς ὁδοῦ Κοραῆ κατηυθύνθη εἰς τὴν ὁδὸν Σταδίου. Προηγεῖτο ἡ ἐπιτροπὴ τῶν φοιτητῶν φέρουσα παμμέγιστον φανὸν καὶ εἶτο τὸ ἀτελεύτητος σειρὰ νέων διαφόρως ζητωκραυγαζόντων ἐνθουσιωδῶς ὑπὲρ τοῦ Ἔθνους. Πρὸ τοῦ Ἀρείου Πάγου ἠνώθησαν μὲ τὴν λαμπαδηφορίαν τὸ σχολεῖον τοῦ δεύτερον ἑλληνικὰ σχολεῖα, ὧν οἱ μαθηταὶ ἔψαλλον πατριωτικὰ ᾄσματα.

Ἀπὸ τοὺς ἐξώστας τῶν οἰκιῶν ἐκαίοντο βεγγαλικὰ καὶ ἐχαιρετίζετο ἡ λαμπαδηφορία μὲ ἐλληνικὴν ἐνθουσιασμόν.

Διῆλθεν εἶτα τὴν ὁδὸν Αἰόλου χειροκροτοῦντες καὶ ζητωκραυγάζοντες πάντες τοὺς συμπεπατριωτισμένους διαφωνιῶν εἰς τὴν ἐθνικὴν χαράν. Πρὸ τοῦ γραφείου μας ἐξερράγησαν εἰς ζωηρὰς ἐπευφημίας καὶ ζητωκραυγάς.

— Ζήτω τὸ Ἔθνος.
— Ζήτω ἡ δημοσιογραφία.
— Ζήτω ὁ «Σκρὶπ» ἐφώναζον καθ᾽ ὅλον τὸ διάστημα τῆς διελεύσεως των καὶ ἐχαιρετίζετο τὰ φωταγωγημένα γραφεῖα μας.

Συντάκται μας εὐρισκόμενοι κατ᾽ ἐκείνην τὴν ὥραν ἐν τῷ γραφείῳ, ἐφώναξαν πρὸς τὸν χαιρετισμὸν ζητωκραυγάσαντες ζωηρῶς ὑπὲρ τῆς Νεολαίας. Διὰ τῆς ὁδοῦ Ἑρμοῦ ἀνῆλθον εἰς τὸ Σύνταγμα, ἔνθα ἀνέμενον πλῆθος κόσμου ὑποδεχθὲν τὴν μὲ χειροκροτήματα τοὺς ἐκ φοιτητῶν ἐνθουσιασμοῦ πάλλοντας νέους.

Πρὸ τῶν Ἀνακτόρων ἡ λαμπαδηφορία ἔστη ἐπ᾽ ὀλίγον, ἡ μουσικὴ ἐπαιάνισε τὸν Ε. Ὕμνον, ἐνῷ οἱ φοιτηταὶ ἐζητωκραύγαζον ὑπὲρ τοῦ Ἔθνους καὶ τοῦ Βασιλέως. Κατῆλθον πάλιν διὰ τῆς ὁδοῦ Σταδίου, ἥτις ἦτο πλημμυρισμένη κόσμου καὶ διῆλθον πρὸ τῆς οἰκίας τοῦ κ. Πρωθυπουργοῦ. Ὁ κ. Μητσόπουλος ἐξελθὼν εἰς τὸν ἐξώστην συνεχάρη τοὺς φοιτητὰς διὰ τὴν ἐπιτυχίαν τῆς ἑορτῆς καὶ εὐχήθη, ὅπως τὰ χρόνια αὐτῶν ἐπιτευχθῇ ὅπως ὅλα τὰ ἐθνικὰ μας ὄνειρα.

Ἐκεῖθεν κατηυθύνθη ἡ λαμπαδηφορία εἰς τὴν ὁδὸν τοῦ Πανεπιστημίου, ἔνθα τὸ ἐπιτροπῆς τῶν φοιτητῶν ηὐχαρίστησεν τὸν λαὸν διὰ τὴν συμμετοχήν του εἰς τὴν ἑορτὴν καὶ ἐζητωκραύγασεν ὑπὲρ τοῦ Ἔθνους καὶ τοῦ Πανεπιστημίου. Μετὰ τὸ πέρας τῆς λαμπαδηφορίας ἐσχηματίσθη ἡ λαμπαδηφορία ἐτελείωσεν καὶ μετ᾽ αὐτῆς ὁ κύκλος τῶν πανηγυρισμῶν τῆς χθεσινῆς ἡμέρας διὰ τὴν ἐπιτυχίαν τοῦ ὁποίου συνεχάρημεν καὶ πάλιν τοὺς φοιτητὰς τοῦ Πανεπιστημίου καὶ ἐν τέλει ἐζητωκραύγασαν πάλιν:

— Εὖγε εἰς τοὺς φοιτητάς μας.
— Εὖγε εἰς τὴν Νεολαίαν μας.
— Εὖγε εἰς τὰς ἐλπίδας τοῦ Ἔθνους, ὅπως ὑπὸ αὐτὰς ἀπεκάλεσε προσφωνῶν ὁ καθηγητὴς κ. Δημαρᾶς τὴν φοιτητικὴν νεότητα.

Τὴν 9 1/2 σαλπιγκταὶ παρεκρέμαστο εἰς ὅλας τὰς πόλεις διαβιβάζοντες τὴν ἀποχώρησιν.

ΕΙΣ ΤΟΝ ΠΕΙΡΑΙΑ

Μεγαλοπρεπέστατα ἐπανηγυρίσθη καὶ εἰς τὸν Πειραιᾶ ἡ Ἐθνικὴ Ἑορτή. Ἡ πόλις εἶχε σημαιοστολισθῆ ἀπὸ τῆς προηγουμένης ἡμέρας. Ὅλα δὲ τὰ ἐν τῷ λιμένι πλοῖα, ἐμπορικὰ καὶ πολεμικά, ἦσαν σημαιοστολισμένα.

Τὴν πρωΐαν ἐψάλη δοξολογία εἰς τὸν Ναὸν τῆς Ἁγίας Τριάδος ἔνθα παρέστησαν αἱ ἀρχαὶ τῆς πόλεως καὶ πλῆθος κόσμου. Τὸν πανηγυρικὸν ἐξεφώνησεν ὁ Δημάρχος. Μετὰ τὴν δοξολογίαν παρηλάσαν αἱ φρουρὰ καὶ τὰ σχολεῖα.

Τὴν ἑσπέραν ἐγένετο φωταγωγία τῶν δημοσίων καταστημάτων καὶ λαμπαδηφορία. Τὴν 8 1/2 ἤρχισε ἡ λαμπαδηφορία διὰ τῆς πλατείας Κοραῆ ὑπὸ τῶν μαθητῶν τῶν γυμνασίων καὶ ὅλοι οἱ μαθηταὶ ἔψαλλον τὸν Ἐθνικὸν Ὕμνον.

ΕΙΣ ΤΑΣ ΕΠΑΡΧΙΑΣ
ΕΙΣ ΤΑΣ ΠΑΤΡΑΣ

ΠΑΤΡΑΙ, 25 Μαρτίου (Τηλεγράφημα τοῦ ἀνταποκριτοῦ μας). Ἐνθουσιωδῶς ἐπανηγυρίσθη ἐφέτος ἡ ἐθνικὴ ἑορτή. Ἡ πόλις εἶχε σημαιοστολισθῆ. Εἰς τὸν Ναὸν τοῦ Ἁγίου Ἀνδρέου ἐψάλη δοξολογία καὶ ἐξεφωνήθη ὁ πανηγυρικὸς τῆς ἡμέρας ὑπὸ τοῦ Γυμνασιάρχου. Μετὰ τὴν δοξολογίαν ἐγένετο παρέλασις τῆς φρουρᾶς καὶ τῶν σχολείων. Τὴν ἑσπέραν ἐγένετο φωταψία καὶ λαμπαδηφορία μετὰ μουσικῆς.

ΕΙΣ ΤΗΝ ΚΕΡΚΥΡΑΝ

ΚΕΡΚΥΡΑ, 25 Μαρτίου (Τηλεγράφημα τοῦ ἀνταποκριτοῦ μας). Ἡ Ἐθνικὴ ἑορτὴ ἑωρτάσθη πανηγυρικώτατα. Μετὰ τὴν δοξολογίαν ἐγένετο λιτανεία τοῦ Ἁγίου Σπυρίδωνος καὶ παρέλασις τῆς φρουρᾶς. Τὴν ἑσπέραν ἡ πόλις ἐφωταγωγήθη καὶ ἐγένετο λαμπαδηφορία ὑπὸ τῶν μαθητῶν. Εἰς τὸ Δημοτικὸν Θέατρον ἐδόθη παράστασις ἐπὶ τῇ ἑορτῇ.
